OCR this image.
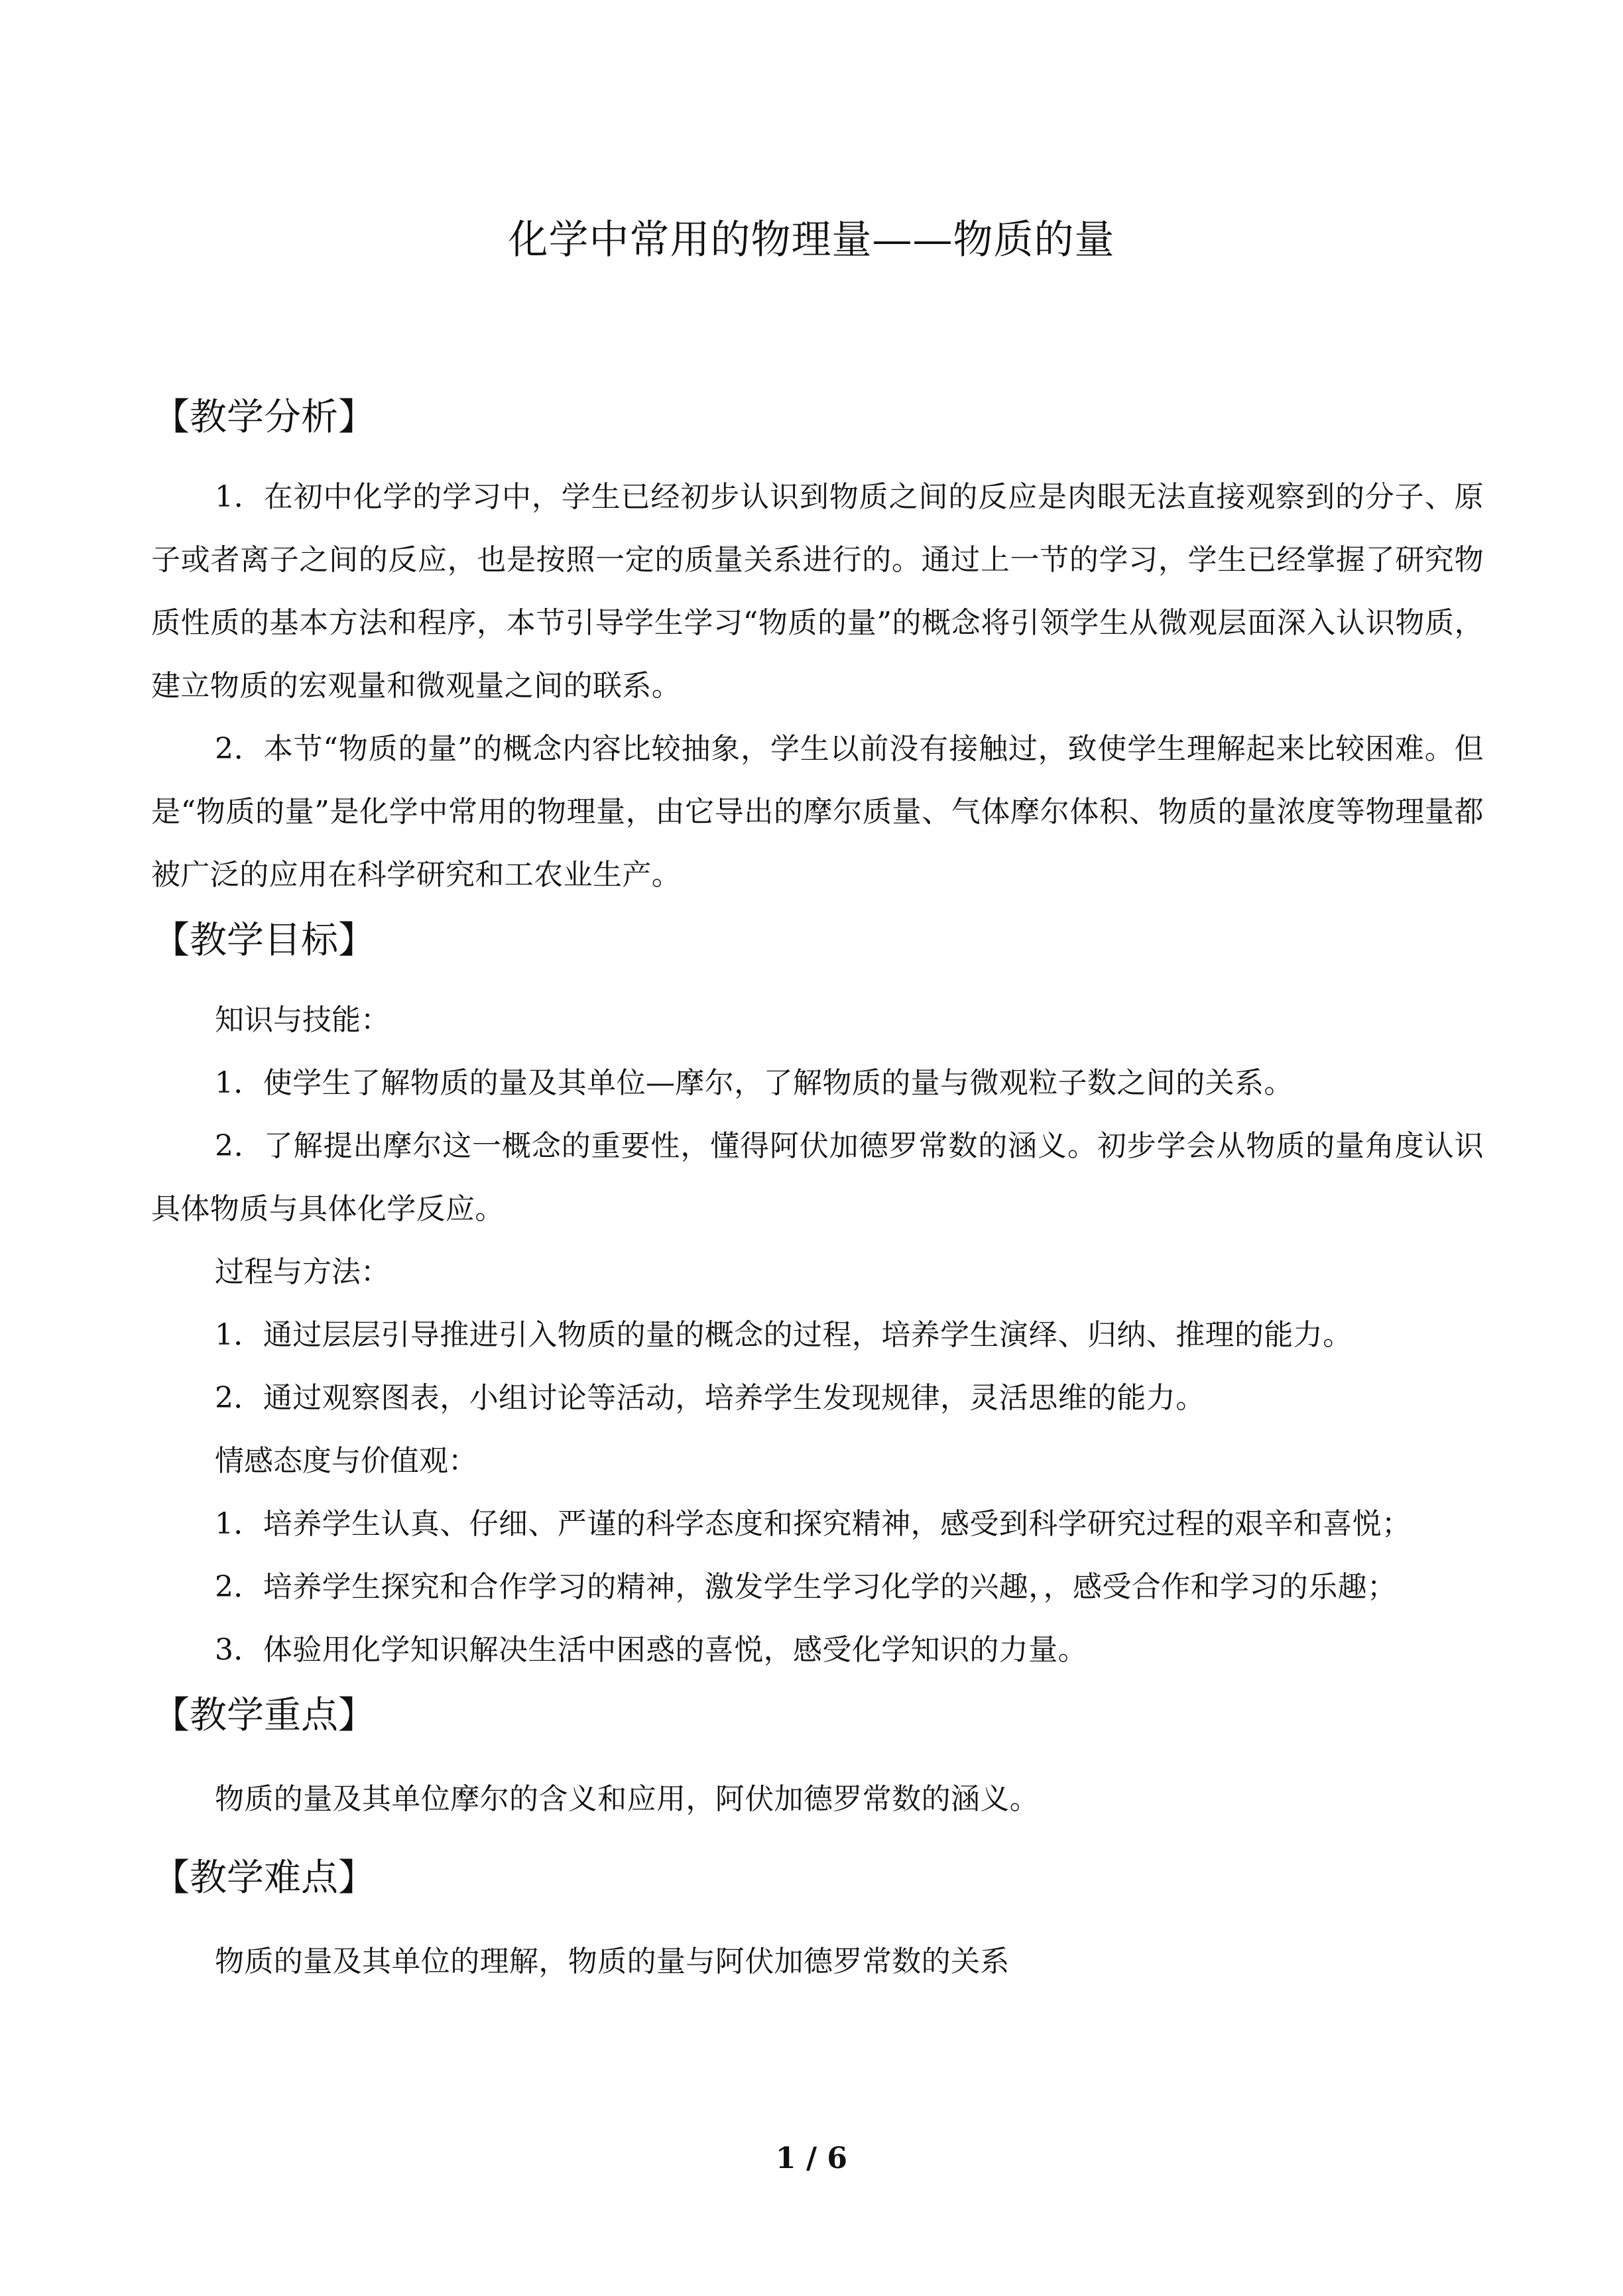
化学中常用的物理量——物质的量
【教学分析】

1．在初中化学的学习中，学生已经初步认识到物质之间的反应是肉眼无法直接观察到的分子、原子或者离子之间的反应，也是按照一定的质量关系进行的。通过上一节的学习，学生已经掌握了研究物质性质的基本方法和程序，本节引导学生学习“物质的量”的概念将引领学生从微观层面深入认识物质，建立物质的宏观量和微观量之间的联系。

2．本节“物质的量”的概念内容比较抽象，学生以前没有接触过，致使学生理解起来比较困难。但是“物质的量”是化学中常用的物理量，由它导出的摩尔质量、气体摩尔体积、物质的量浓度等物理量都被广泛的应用在科学研究和工农业生产。

【教学目标】

知识与技能：

1．使学生了解物质的量及其单位—摩尔，了解物质的量与微观粒子数之间的关系。

2．了解提出摩尔这一概念的重要性，懂得阿伏加德罗常数的涵义。初步学会从物质的量角度认识具体物质与具体化学反应。

过程与方法：

1．通过层层引导推进引入物质的量的概念的过程，培养学生演绎、归纳、推理的能力。

2．通过观察图表，小组讨论等活动，培养学生发现规律，灵活思维的能力。

情感态度与价值观：

1．培养学生认真、仔细、严谨的科学态度和探究精神，感受到科学研究过程的艰辛和喜悦；

2．培养学生探究和合作学习的精神，激发学生学习化学的兴趣，，感受合作和学习的乐趣；

3．体验用化学知识解决生活中困惑的喜悦，感受化学知识的力量。

【教学重点】

物质的量及其单位摩尔的含义和应用，阿伏加德罗常数的涵义。

【教学难点】

物质的量及其单位的理解，物质的量与阿伏加德罗常数的关系

1 / 6
